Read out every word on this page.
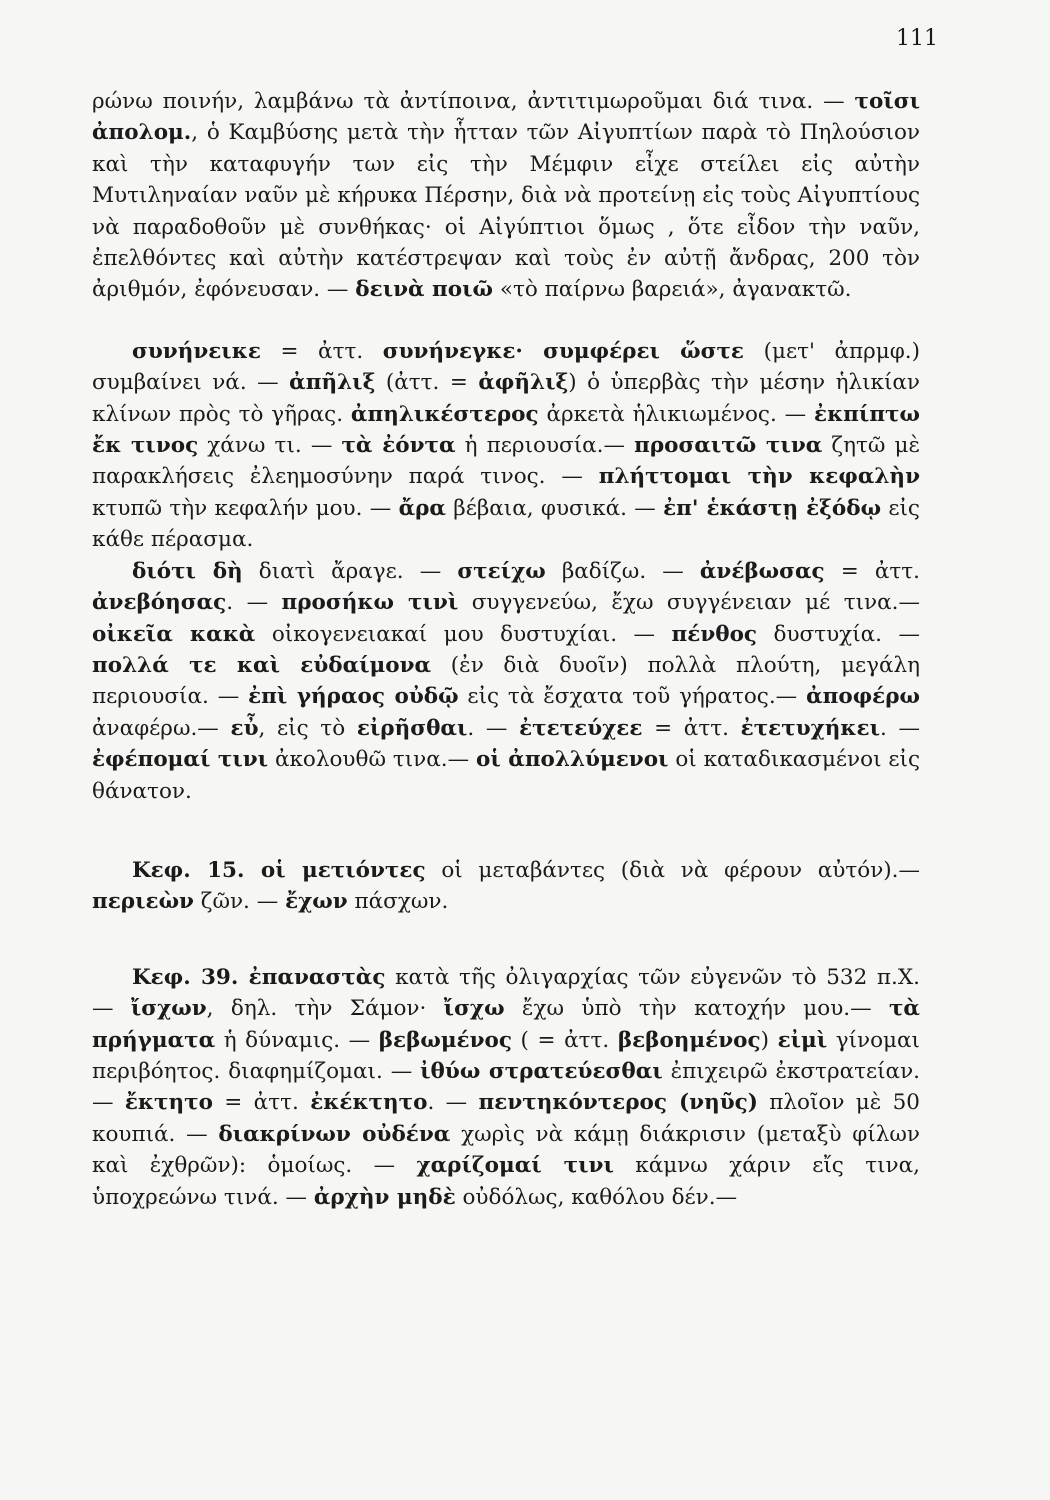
111

ρώνω ποινήν, λαμβάνω τὰ ἀντίποινα, ἀντιτιμωροῦμαι διά τινα. — τοῖσι ἀπολομ., ὁ Καμβύσης μετὰ τὴν ἧτταν τῶν Αἰγυπτίων παρὰ τὸ Πηλούσιον καὶ τὴν καταφυγήν των εἰς τὴν Μέμφιν εἶχε στείλει εἰς αὐτὴν Μυτιληναίαν ναῦν μὲ κήρυκα Πέρσην, διὰ νὰ προτείνῃ εἰς τοὺς Αἰγυπτίους νὰ παραδοθοῦν μὲ συνθήκας· οἱ Αἰγύπτιοι ὅμως , ὅτε εἶδον τὴν ναῦν, ἐπελθόντες καὶ αὐτὴν κατέστρεψαν καὶ τοὺς ἐν αὐτῇ ἄνδρας, 200 τὸν ἀριθμόν, ἐφόνευσαν. — δεινὰ ποιῶ «τὸ παίρνω βαρειά», ἀγανακτῶ.

συνήνεικε = ἀττ. συνήνεγκε· συμφέρει ὥστε (μετ' ἀπρμφ.) συμβαίνει νά. — ἀπῆλιξ (ἀττ. = ἀφῆλιξ) ὁ ὑπερβὰς τὴν μέσην ἡλικίαν κλίνων πρὸς τὸ γῆρας. ἀπηλικέστερος ἀρκετὰ ἡλικιωμένος. — ἐκπίπτω ἔκ τινος χάνω τι. — τὰ ἐόντα ἡ περιουσία.— προσαιτῶ τινα ζητῶ μὲ παρακλήσεις ἐλεημοσύνην παρά τινος. — πλήττομαι τὴν κεφαλὴν κτυπῶ τὴν κεφαλήν μου. — ἄρα βέβαια, φυσικά. — ἐπ' ἑκάστῃ ἐξόδῳ εἰς κάθε πέρασμα.

διότι δὴ διατὶ ἄραγε. — στείχω βαδίζω. — ἀνέβωσας = ἀττ. ἀνεβόησας. — προσήκω τινὶ συγγενεύω, ἔχω συγγένειαν μέ τινα.— οἰκεῖα κακὰ οἰκογενειακαί μου δυστυχίαι. — πένθος δυστυχία. — πολλά τε καὶ εὐδαίμονα (ἐν διὰ δυοῖν) πολλὰ πλούτη, μεγάλη περιουσία. — ἐπὶ γήραος οὐδῷ εἰς τὰ ἔσχατα τοῦ γήρατος.— ἀποφέρω ἀναφέρω.— εὖ, εἰς τὸ εἰρῆσθαι. — ἐτετεύχεε = ἀττ. ἐτετυχήκει. — ἐφέπομαί τινι ἀκολουθῶ τινα.— οἱ ἀπολλύμενοι οἱ καταδικασμένοι εἰς θάνατον.

Κεφ. 15. οἱ μετιόντες οἱ μεταβάντες (διὰ νὰ φέρουν αὐτόν).— περιεὼν ζῶν. — ἔχων πάσχων.

Κεφ. 39. ἐπαναστὰς κατὰ τῆς ὀλιγαρχίας τῶν εὐγενῶν τὸ 532 π.Χ. — ἴσχων, δηλ. τὴν Σάμον· ἴσχω ἔχω ὑπὸ τὴν κατοχήν μου.— τὰ πρήγματα ἡ δύναμις. — βεβωμένος ( = ἀττ. βεβοημένος) εἰμὶ γίνομαι περιβόητος. διαφημίζομαι. — ἰθύω στρατεύεσθαι ἐπιχειρῶ ἐκστρατείαν. — ἔκτητο = ἀττ. ἐκέκτητο. — πεντηκόντερος (νηῦς) πλοῖον μὲ 50 κουπιά. — διακρίνων οὐδένα χωρὶς νὰ κάμῃ διάκρισιν (μεταξὺ φίλων καὶ ἐχθρῶν): ὁμοίως. — χαρίζομαί τινι κάμνω χάριν εἴς τινα, ὑποχρεώνω τινά. — ἀρχὴν μηδὲ οὐδόλως, καθόλου δέν.—
